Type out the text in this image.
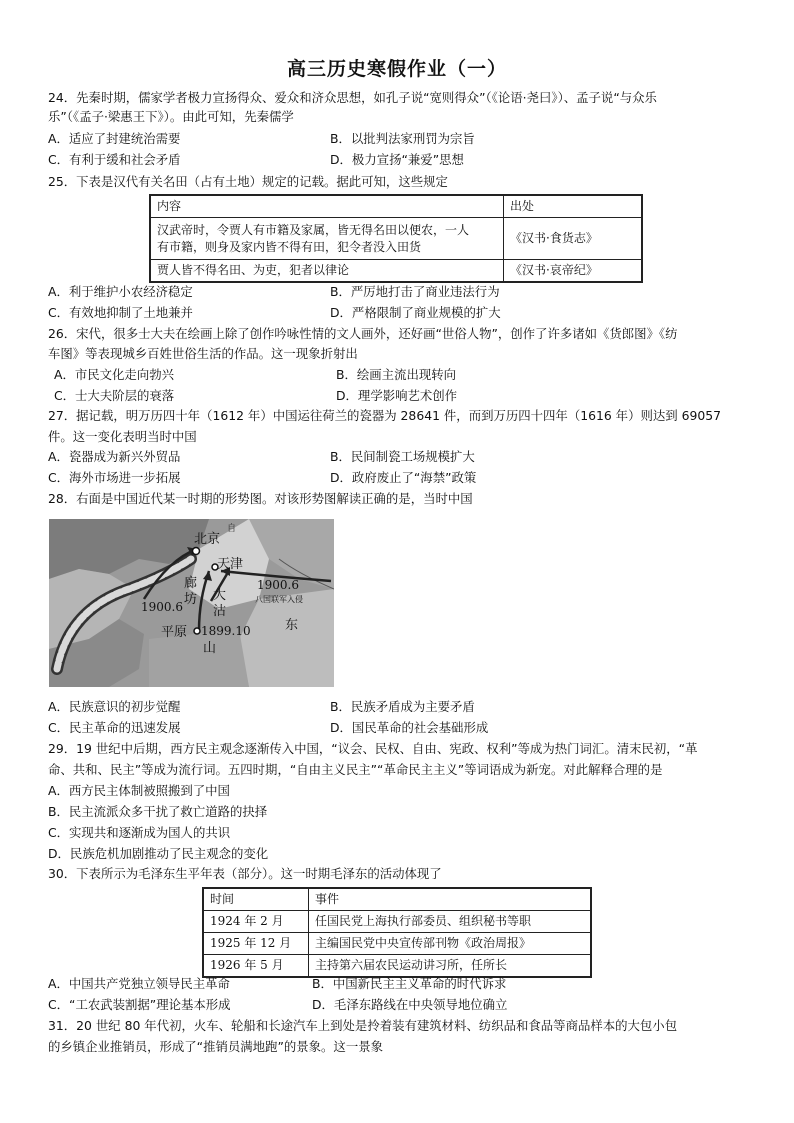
高三历史寒假作业（一）
24．先秦时期，儒家学者极力宣扬得众、爱众和济众思想，如孔子说“宽则得众”（《论语·尧曰》）、孟子说“与众乐
乐”（《孟子·梁惠王下》）。由此可知，先秦儒学
A．适应了封建统治需要	B．以批判法家刑罚为宗旨
C．有利于缓和社会矛盾	D．极力宣扬“兼爱”思想
25．下表是汉代有关名田（占有土地）规定的记载。据此可知，这些规定
内容	出处

汉武帝时，令贾人有市籍及家属，皆无得名田以便农，一人
有市籍，则身及家内皆不得有田，犯令者没入田货	《汉书·食货志》
贾人皆不得名田、为吏，犯者以律论	《汉书·哀帝纪》
A．利于维护小农经济稳定	B．严厉地打击了商业违法行为
C．有效地抑制了土地兼并	D．严格限制了商业规模的扩大
26．宋代，很多士大夫在绘画上除了创作吟咏性情的文人画外，还好画“世俗人物”，创作了许多诸如《货郎图》《纺
车图》等表现城乡百姓世俗生活的作品。这一现象折射出
A．市民文化走向勃兴	B．绘画主流出现转向
C．士大夫阶层的衰落	D．理学影响艺术创作
27．据记载，明万历四十年（1612 年）中国运往荷兰的瓷器为 28641 件，而到万历四十四年（1616 年）则达到 69057
件。这一变化表明当时中国
A．瓷器成为新兴外贸品	B．民间制瓷工场规模扩大
C．海外市场进一步拓展	D．政府废止了“海禁”政策
28．右面是中国近代某一时期的形势图。对该形势图解读正确的是，当时中国
北京
天津
廊
坊 大
沽
1900.6
八国联军入侵
1900.6
平原 1899.10
山
东
自
A．民族意识的初步觉醒	B．民族矛盾成为主要矛盾
C．民主革命的迅速发展	D．国民革命的社会基础形成
29．19 世纪中后期，西方民主观念逐渐传入中国，“议会、民权、自由、宪政、权利”等成为热门词汇。清末民初，“革
命、共和、民主”等成为流行词。五四时期，“自由主义民主”“革命民主主义”等词语成为新宠。对此解释合理的是
A．西方民主体制被照搬到了中国
B．民主流派众多干扰了救亡道路的抉择
C．实现共和逐渐成为国人的共识
D．民族危机加剧推动了民主观念的变化
30．下表所示为毛泽东生平年表（部分）。这一时期毛泽东的活动体现了
时间	事件
1924 年 2 月	任国民党上海执行部委员、组织秘书等职
1925 年 12 月	主编国民党中央宣传部刊物《政治周报》
1926 年 5 月	主持第六届农民运动讲习所，任所长
A．中国共产党独立领导民主革命	B．中国新民主主义革命的时代诉求
C．“工农武装割据”理论基本形成	D．毛泽东路线在中央领导地位确立
31．20 世纪 80 年代初，火车、轮船和长途汽车上到处是拎着装有建筑材料、纺织品和食品等商品样本的大包小包
的乡镇企业推销员，形成了“推销员满地跑”的景象。这一景象
